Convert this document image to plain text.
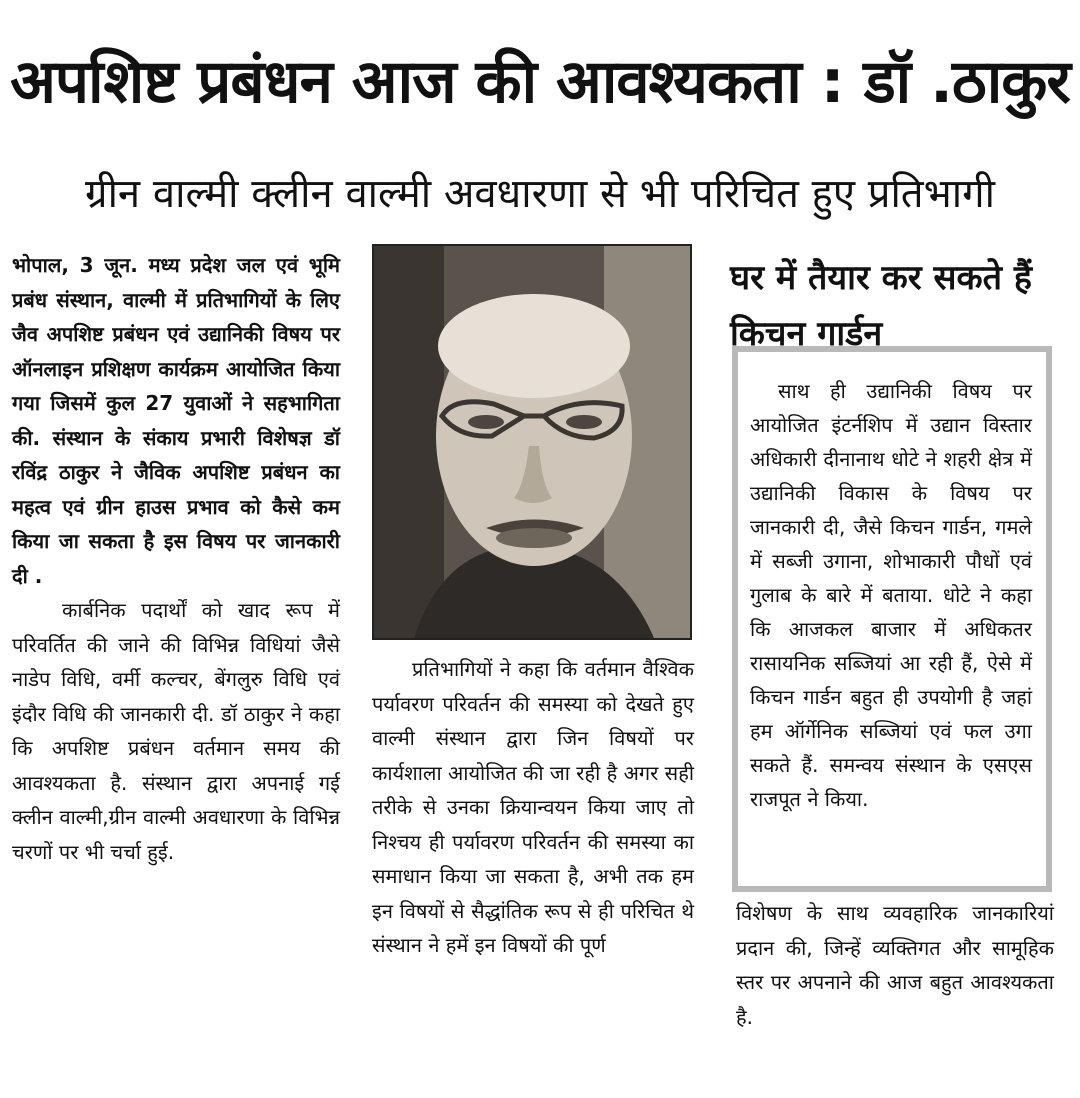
अपशिष्ट प्रबंधन आज की आवश्यकता : डॉ .ठाकुर
ग्रीन वाल्मी क्लीन वाल्मी अवधारणा से भी परिचित हुए प्रतिभागी

भोपाल, 3 जून. मध्य प्रदेश जल एवं भूमि प्रबंध संस्थान, वाल्मी में प्रतिभागियों के लिए जैव अपशिष्ट प्रबंधन एवं उद्यानिकी विषय पर ऑनलाइन प्रशिक्षण कार्यक्रम आयोजित किया गया जिसमें कुल 27 युवाओं ने सहभागिता की. संस्थान के संकाय प्रभारी विशेषज्ञ डॉ रविंद्र ठाकुर ने जैविक अपशिष्ट प्रबंधन का महत्व एवं ग्रीन हाउस प्रभाव को कैसे कम किया जा सकता है इस विषय पर जानकारी दी .

कार्बनिक पदार्थों को खाद रूप में परिवर्तित की जाने की विभिन्न विधियां जैसे नाडेप विधि, वर्मी कल्चर, बेंगलुरु विधि एवं इंदौर विधि की जानकारी दी. डॉ ठाकुर ने कहा कि अपशिष्ट प्रबंधन वर्तमान समय की आवश्यकता है. संस्थान द्वारा अपनाई गई क्लीन वाल्मी,ग्रीन वाल्मी अवधारणा के विभिन्न चरणों पर भी चर्चा हुई.

प्रतिभागियों ने कहा कि वर्तमान वैश्विक पर्यावरण परिवर्तन की समस्या को देखते हुए वाल्मी संस्थान द्वारा जिन विषयों पर कार्यशाला आयोजित की जा रही है अगर सही तरीके से उनका क्रियान्वयन किया जाए तो निश्चय ही पर्यावरण परिवर्तन की समस्या का समाधान किया जा सकता है, अभी तक हम इन विषयों से सैद्धांतिक रूप से ही परिचित थे संस्थान ने हमें इन विषयों की पूर्ण

घर में तैयार कर सकते हैं किचन गार्डन

साथ ही उद्यानिकी विषय पर आयोजित इंटर्नशिप में उद्यान विस्तार अधिकारी दीनानाथ धोटे ने शहरी क्षेत्र में उद्यानिकी विकास के विषय पर जानकारी दी, जैसे किचन गार्डन, गमले में सब्जी उगाना, शोभाकारी पौधों एवं गुलाब के बारे में बताया. धोटे ने कहा कि आजकल बाजार में अधिकतर रासायनिक सब्जियां आ रही हैं, ऐसे में किचन गार्डन बहुत ही उपयोगी है जहां हम ऑर्गेनिक सब्जियां एवं फल उगा सकते हैं. समन्वय संस्थान के एसएस राजपूत ने किया.

विशेषण के साथ व्यवहारिक जानकारियां प्रदान की, जिन्हें व्यक्तिगत और सामूहिक स्तर पर अपनाने की आज बहुत आवश्यकता है.
